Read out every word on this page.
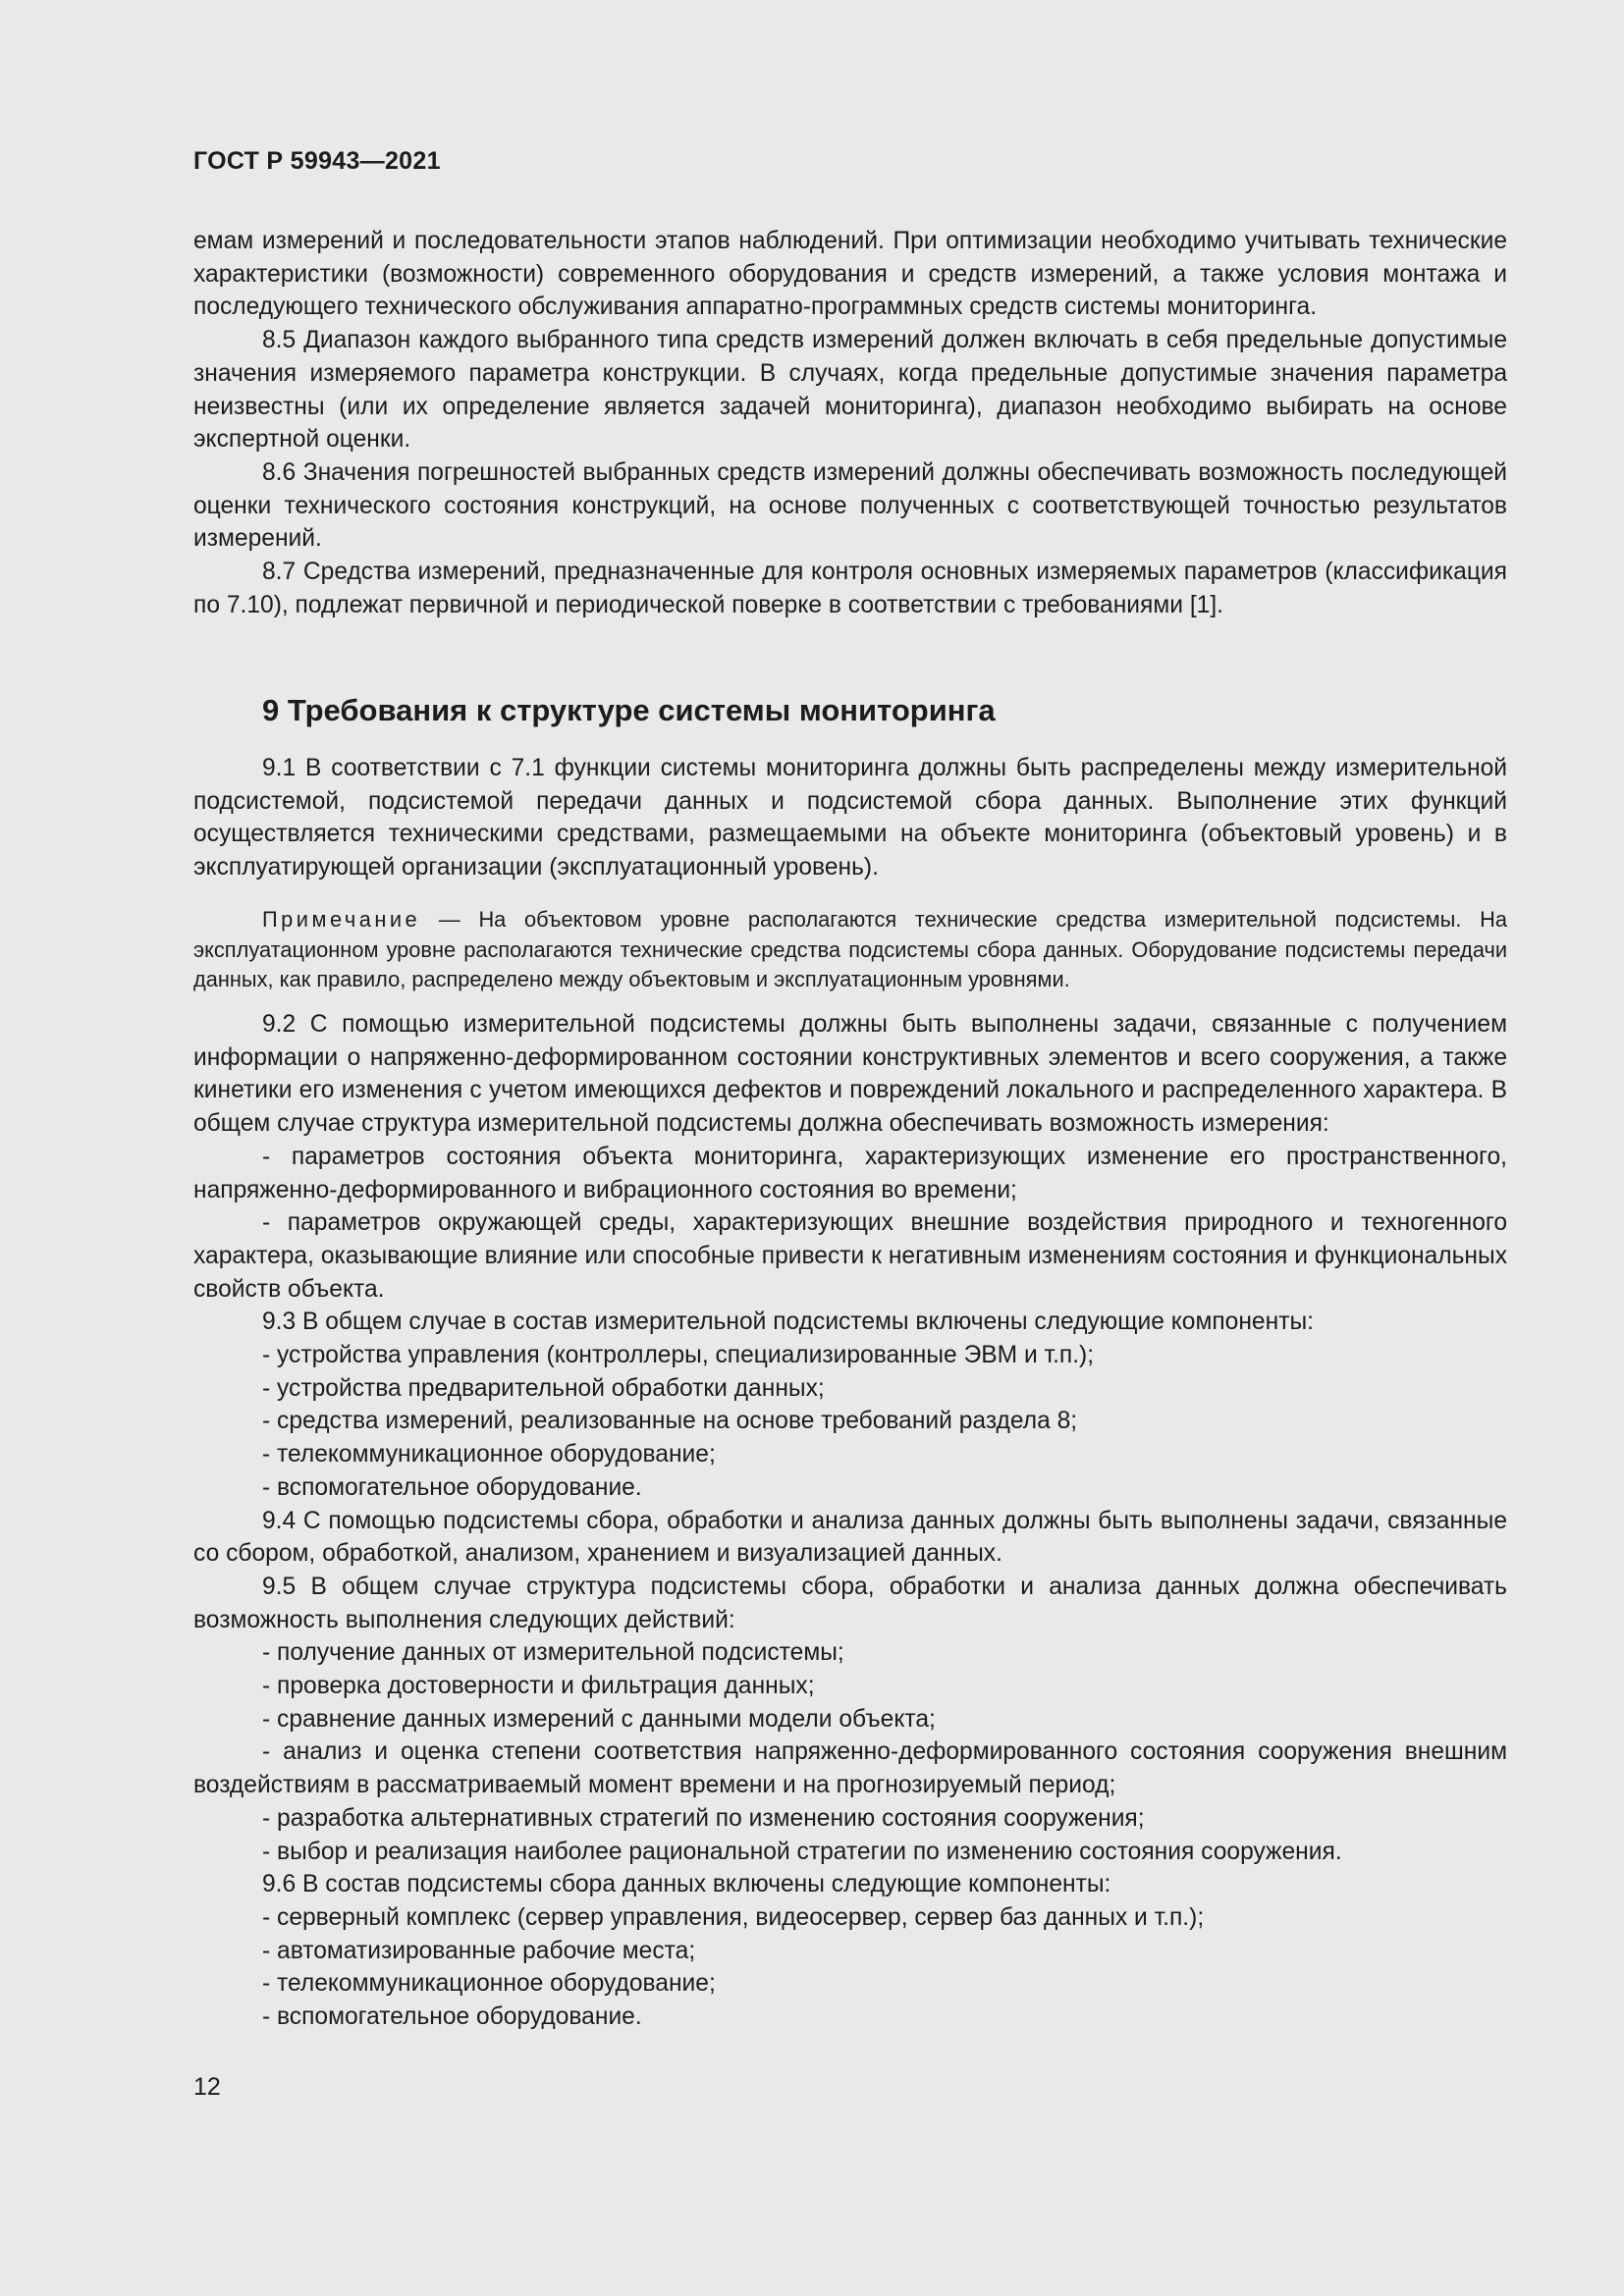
ГОСТ Р 59943—2021

емам измерений и последовательности этапов наблюдений. При оптимизации необходимо учитывать технические характеристики (возможности) современного оборудования и средств измерений, а также условия монтажа и последующего технического обслуживания аппаратно-программных средств системы мониторинга.

8.5 Диапазон каждого выбранного типа средств измерений должен включать в себя предельные допустимые значения измеряемого параметра конструкции. В случаях, когда предельные допустимые значения параметра неизвестны (или их определение является задачей мониторинга), диапазон необходимо выбирать на основе экспертной оценки.

8.6 Значения погрешностей выбранных средств измерений должны обеспечивать возможность последующей оценки технического состояния конструкций, на основе полученных с соответствующей точностью результатов измерений.

8.7 Средства измерений, предназначенные для контроля основных измеряемых параметров (классификация по 7.10), подлежат первичной и периодической поверке в соответствии с требованиями [1].

9 Требования к структуре системы мониторинга

9.1 В соответствии с 7.1 функции системы мониторинга должны быть распределены между измерительной подсистемой, подсистемой передачи данных и подсистемой сбора данных. Выполнение этих функций осуществляется техническими средствами, размещаемыми на объекте мониторинга (объектовый уровень) и в эксплуатирующей организации (эксплуатационный уровень).

Примечание — На объектовом уровне располагаются технические средства измерительной подсистемы. На эксплуатационном уровне располагаются технические средства подсистемы сбора данных. Оборудование подсистемы передачи данных, как правило, распределено между объектовым и эксплуатационным уровнями.

9.2 С помощью измерительной подсистемы должны быть выполнены задачи, связанные с получением информации о напряженно-деформированном состоянии конструктивных элементов и всего сооружения, а также кинетики его изменения с учетом имеющихся дефектов и повреждений локального и распределенного характера. В общем случае структура измерительной подсистемы должна обеспечивать возможность измерения:

- параметров состояния объекта мониторинга, характеризующих изменение его пространственного, напряженно-деформированного и вибрационного состояния во времени;

- параметров окружающей среды, характеризующих внешние воздействия природного и техногенного характера, оказывающие влияние или способные привести к негативным изменениям состояния и функциональных свойств объекта.

9.3 В общем случае в состав измерительной подсистемы включены следующие компоненты:

- устройства управления (контроллеры, специализированные ЭВМ и т.п.);

- устройства предварительной обработки данных;

- средства измерений, реализованные на основе требований раздела 8;

- телекоммуникационное оборудование;

- вспомогательное оборудование.

9.4 С помощью подсистемы сбора, обработки и анализа данных должны быть выполнены задачи, связанные со сбором, обработкой, анализом, хранением и визуализацией данных.

9.5 В общем случае структура подсистемы сбора, обработки и анализа данных должна обеспечивать возможность выполнения следующих действий:

- получение данных от измерительной подсистемы;

- проверка достоверности и фильтрация данных;

- сравнение данных измерений с данными модели объекта;

- анализ и оценка степени соответствия напряженно-деформированного состояния сооружения внешним воздействиям в рассматриваемый момент времени и на прогнозируемый период;

- разработка альтернативных стратегий по изменению состояния сооружения;

- выбор и реализация наиболее рациональной стратегии по изменению состояния сооружения.

9.6 В состав подсистемы сбора данных включены следующие компоненты:

- серверный комплекс (сервер управления, видеосервер, сервер баз данных и т.п.);

- автоматизированные рабочие места;

- телекоммуникационное оборудование;

- вспомогательное оборудование.

12
